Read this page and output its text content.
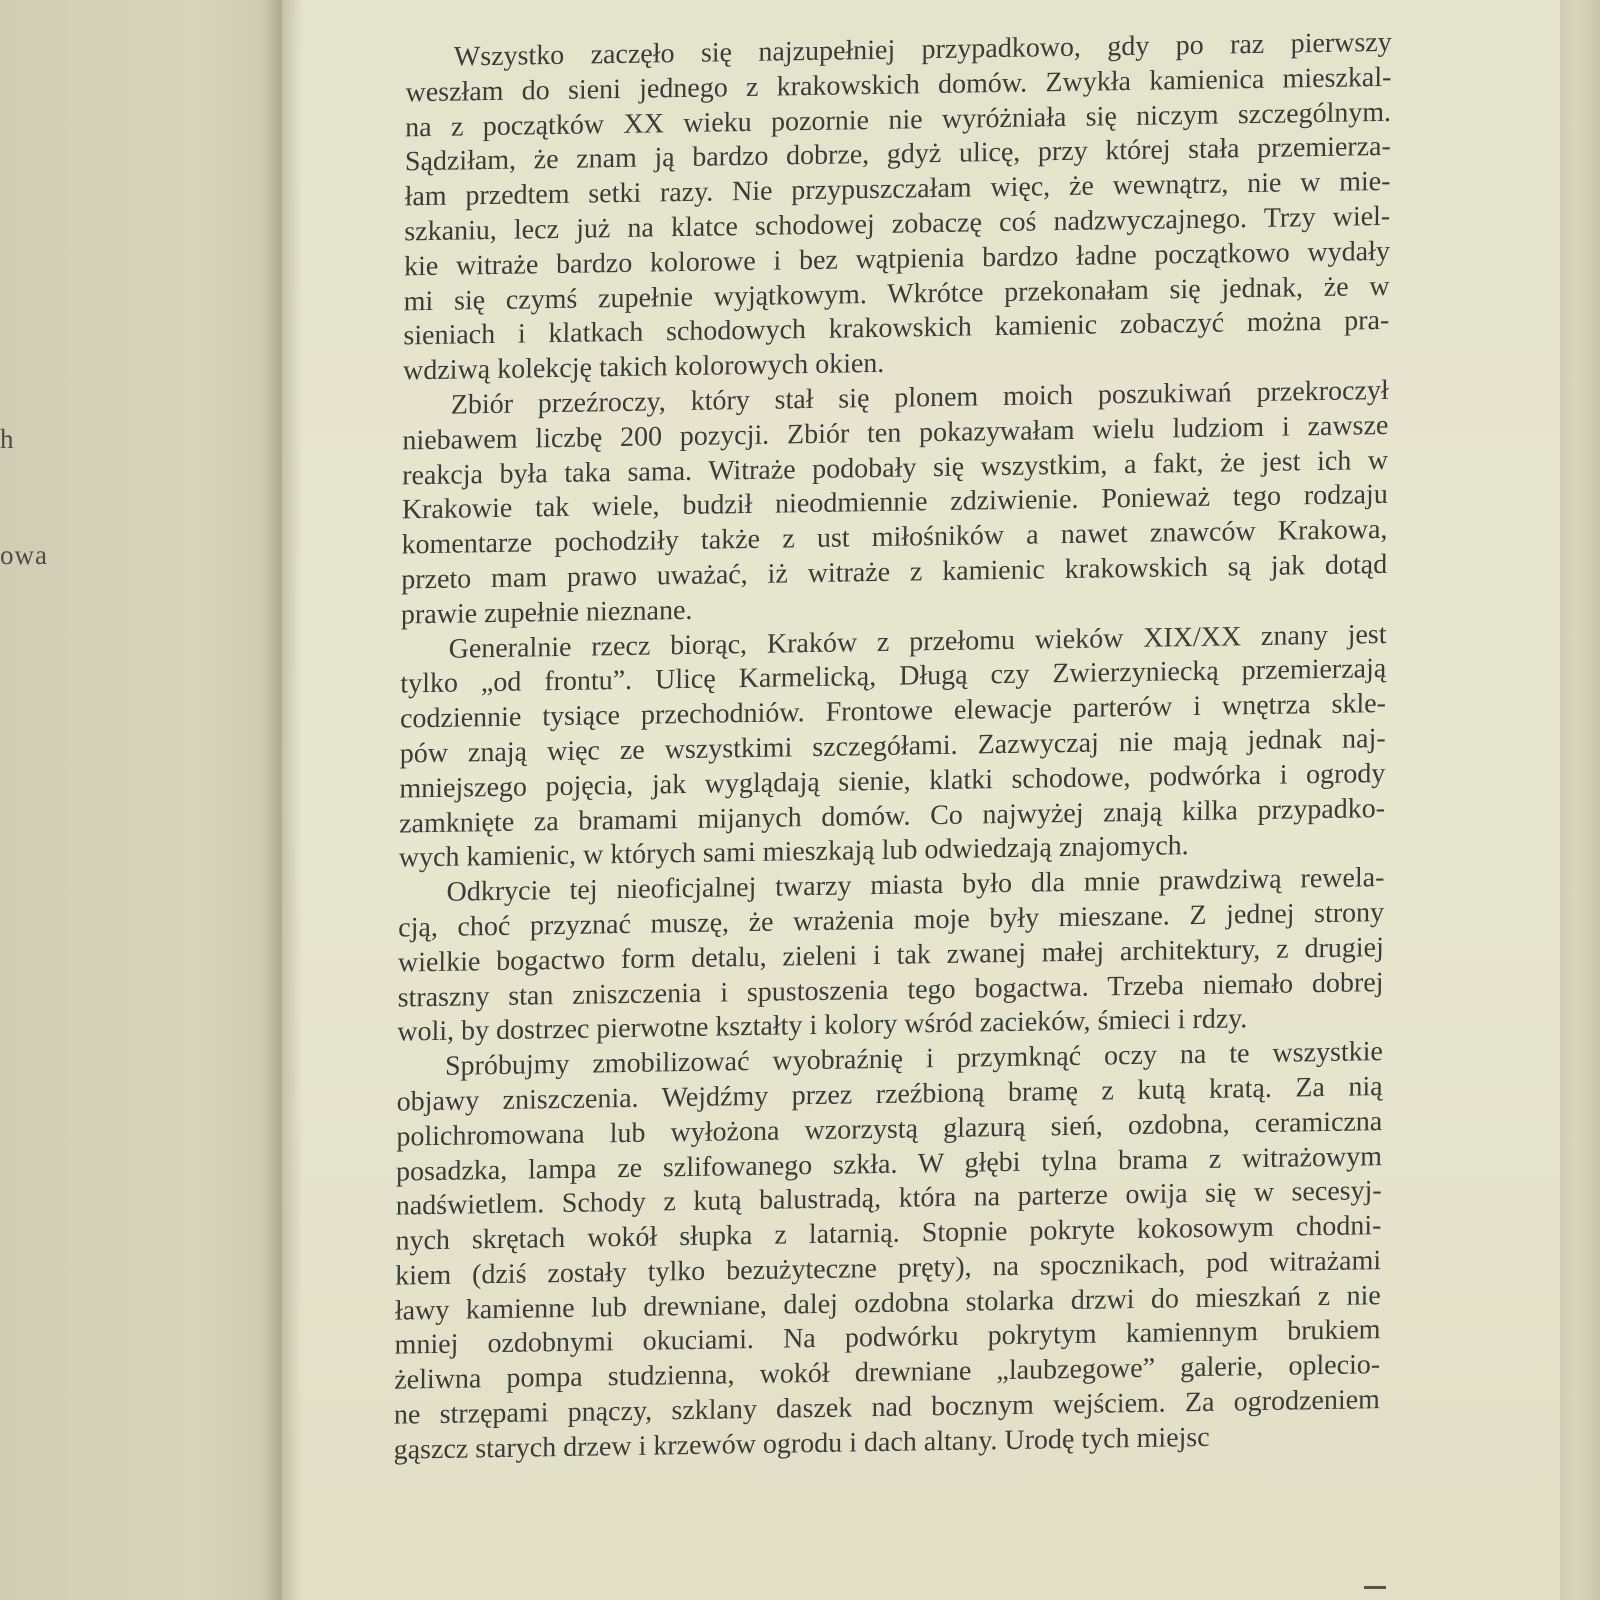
h
owa
Wszystko zaczęło się najzupełniej przypadkowo, gdy po raz pierwszy
weszłam do sieni jednego z krakowskich domów. Zwykła kamienica mieszkal-
na z początków XX wieku pozornie nie wyróżniała się niczym szczególnym.
Sądziłam, że znam ją bardzo dobrze, gdyż ulicę, przy której stała przemierza-
łam przedtem setki razy. Nie przypuszczałam więc, że wewnątrz, nie w mie-
szkaniu, lecz już na klatce schodowej zobaczę coś nadzwyczajnego. Trzy wiel-
kie witraże bardzo kolorowe i bez wątpienia bardzo ładne początkowo wydały
mi się czymś zupełnie wyjątkowym. Wkrótce przekonałam się jednak, że w
sieniach i klatkach schodowych krakowskich kamienic zobaczyć można pra-
wdziwą kolekcję takich kolorowych okien.
Zbiór przeźroczy, który stał się plonem moich poszukiwań przekroczył
niebawem liczbę 200 pozycji. Zbiór ten pokazywałam wielu ludziom i zawsze
reakcja była taka sama. Witraże podobały się wszystkim, a fakt, że jest ich w
Krakowie tak wiele, budził nieodmiennie zdziwienie. Ponieważ tego rodzaju
komentarze pochodziły także z ust miłośników a nawet znawców Krakowa,
przeto mam prawo uważać, iż witraże z kamienic krakowskich są jak dotąd
prawie zupełnie nieznane.
Generalnie rzecz biorąc, Kraków z przełomu wieków XIX/XX znany jest
tylko „od frontu”. Ulicę Karmelicką, Długą czy Zwierzyniecką przemierzają
codziennie tysiące przechodniów. Frontowe elewacje parterów i wnętrza skle-
pów znają więc ze wszystkimi szczegółami. Zazwyczaj nie mają jednak naj-
mniejszego pojęcia, jak wyglądają sienie, klatki schodowe, podwórka i ogrody
zamknięte za bramami mijanych domów. Co najwyżej znają kilka przypadko-
wych kamienic, w których sami mieszkają lub odwiedzają znajomych.
Odkrycie tej nieoficjalnej twarzy miasta było dla mnie prawdziwą rewela-
cją, choć przyznać muszę, że wrażenia moje były mieszane. Z jednej strony
wielkie bogactwo form detalu, zieleni i tak zwanej małej architektury, z drugiej
straszny stan zniszczenia i spustoszenia tego bogactwa. Trzeba niemało dobrej
woli, by dostrzec pierwotne kształty i kolory wśród zacieków, śmieci i rdzy.
Spróbujmy zmobilizować wyobraźnię i przymknąć oczy na te wszystkie
objawy zniszczenia. Wejdźmy przez rzeźbioną bramę z kutą kratą. Za nią
polichromowana lub wyłożona wzorzystą glazurą sień, ozdobna, ceramiczna
posadzka, lampa ze szlifowanego szkła. W głębi tylna brama z witrażowym
nadświetlem. Schody z kutą balustradą, która na parterze owija się w secesyj-
nych skrętach wokół słupka z latarnią. Stopnie pokryte kokosowym chodni-
kiem (dziś zostały tylko bezużyteczne pręty), na spocznikach, pod witrażami
ławy kamienne lub drewniane, dalej ozdobna stolarka drzwi do mieszkań z nie
mniej ozdobnymi okuciami. Na podwórku pokrytym kamiennym brukiem
żeliwna pompa studzienna, wokół drewniane „laubzegowe” galerie, oplecio-
ne strzępami pnączy, szklany daszek nad bocznym wejściem. Za ogrodzeniem
gąszcz starych drzew i krzewów ogrodu i dach altany. Urodę tych miejsc
